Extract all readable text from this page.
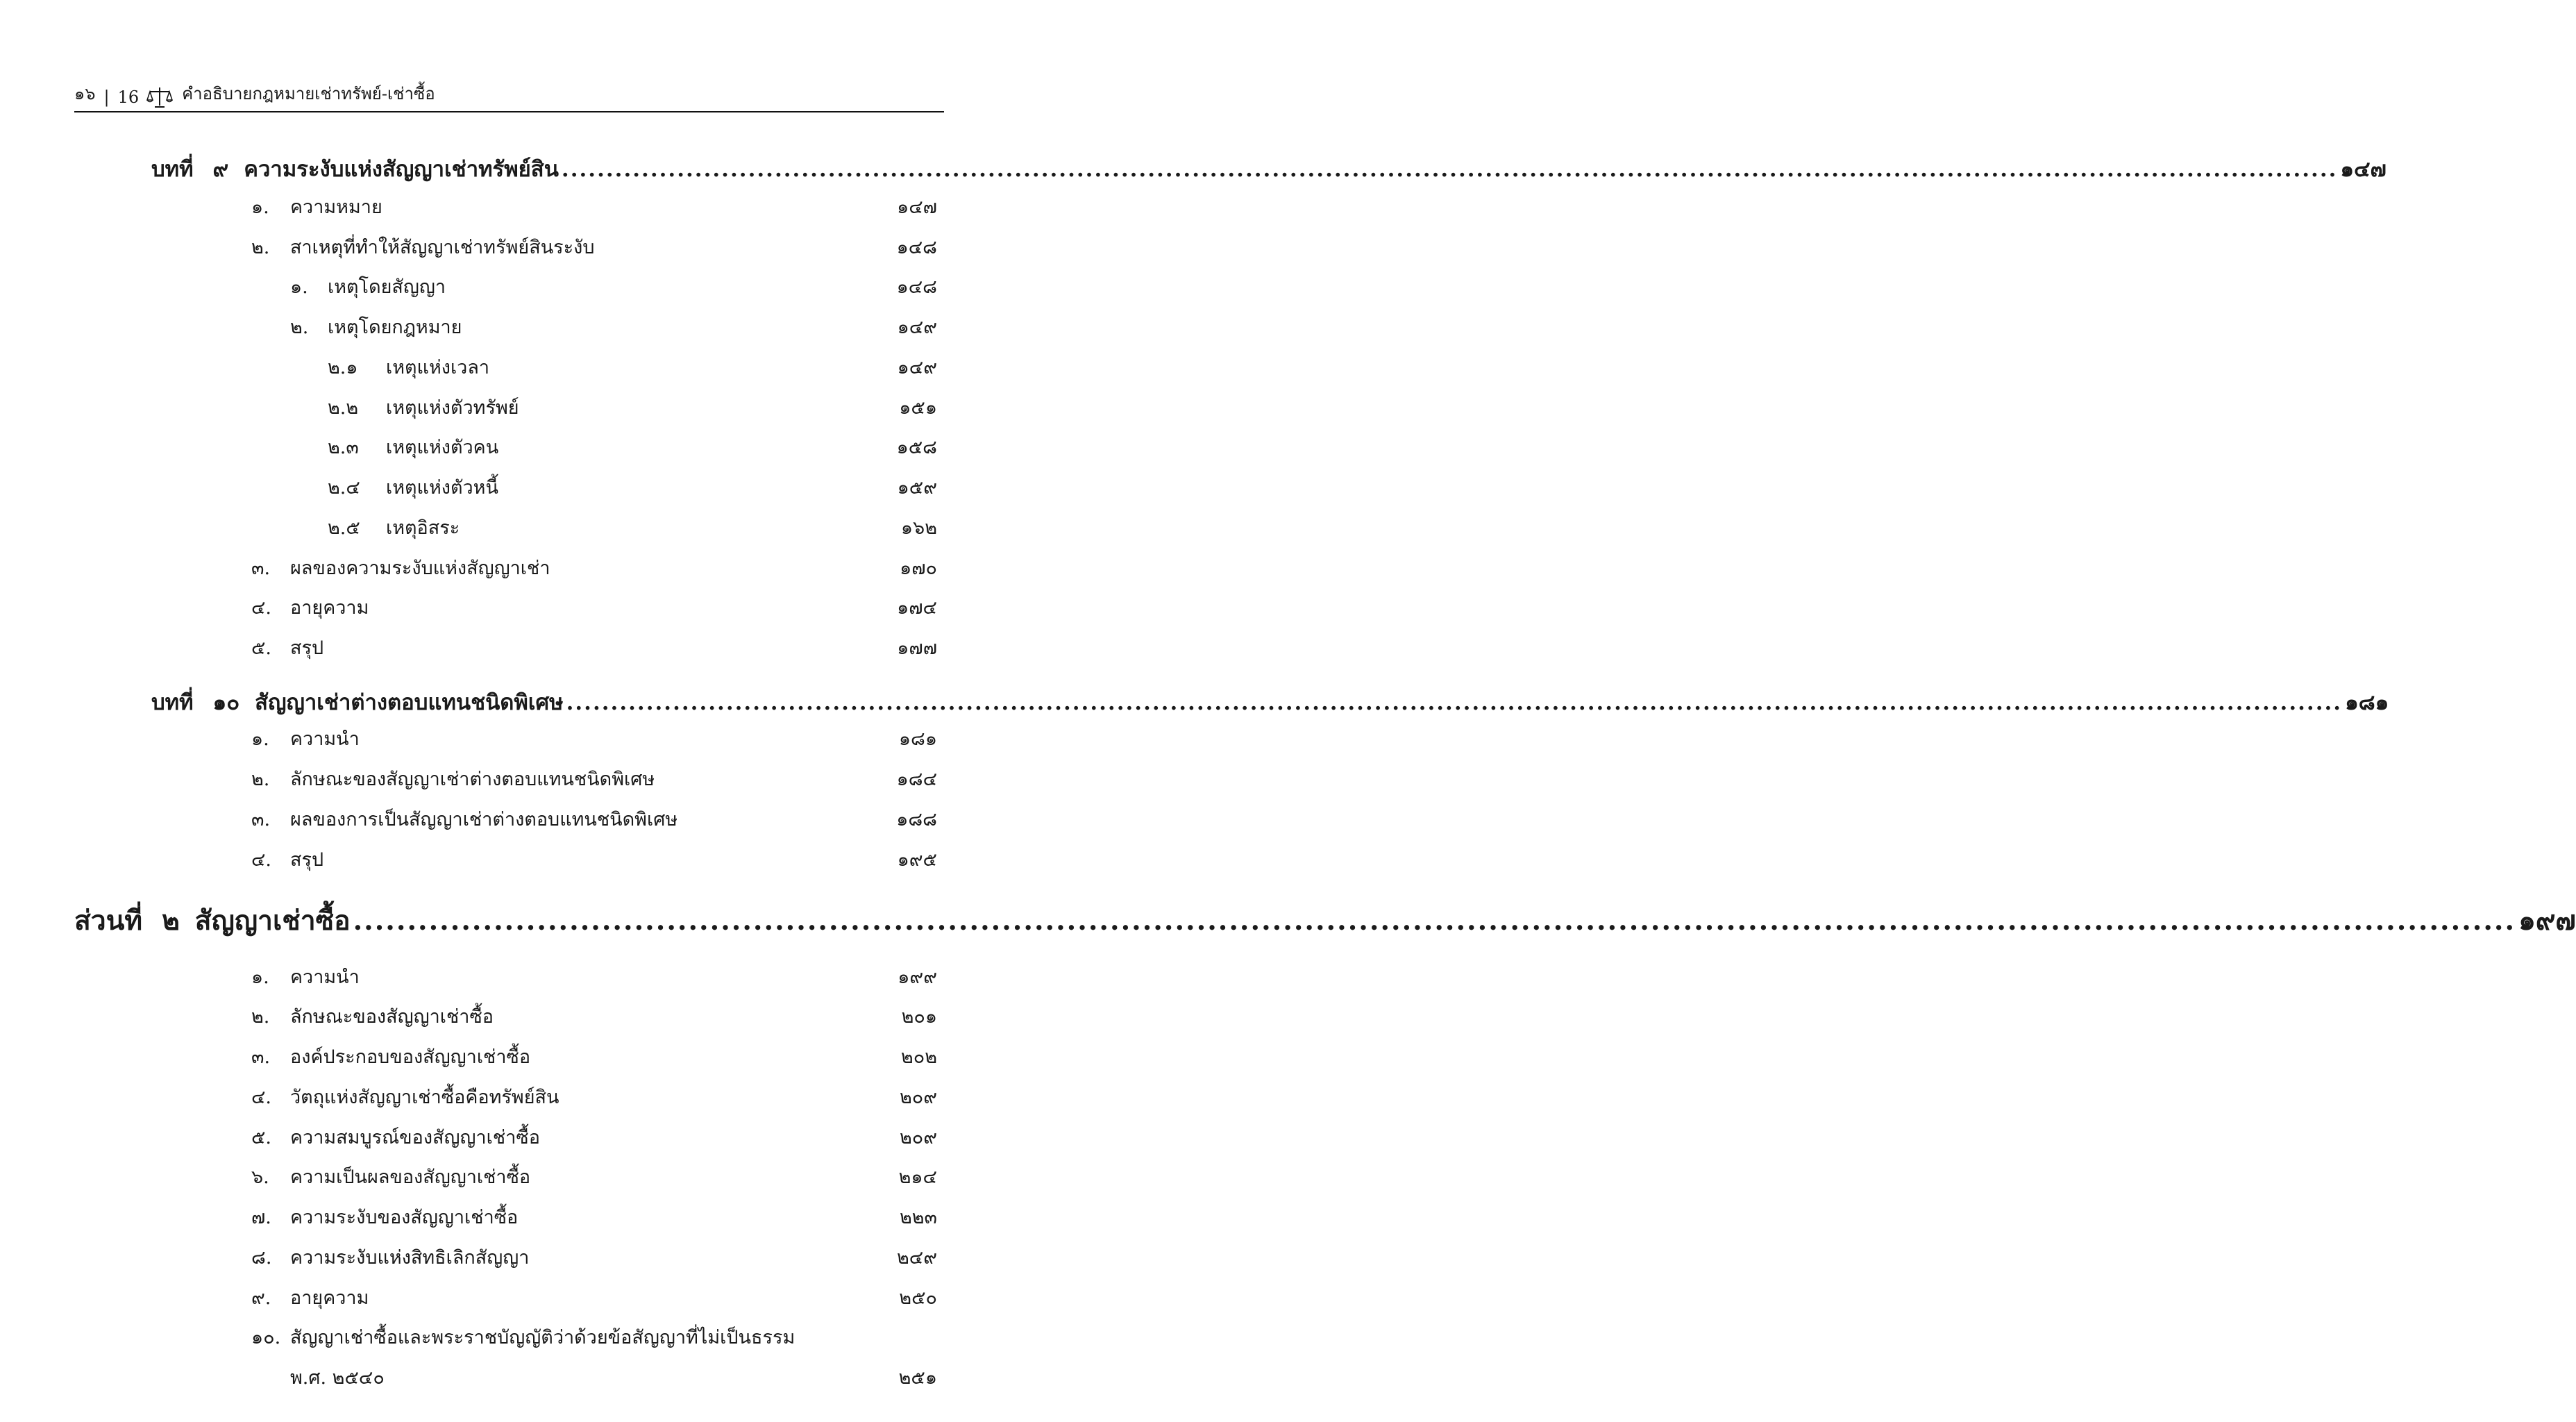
๑๖ | 16	คำอธิบายกฎหมายเช่าทรัพย์-เช่าซื้อ
บทที่ ๙ ความระงับแห่งสัญญาเช่าทรัพย์สิน ........................................................................................................................................................................................................ ๑๔๗
๑. ความหมาย	๑๔๗
๒. สาเหตุที่ทำให้สัญญาเช่าทรัพย์สินระงับ	๑๔๘
๑. เหตุโดยสัญญา	๑๔๘
๒. เหตุโดยกฎหมาย	๑๔๙
๒.๑ เหตุแห่งเวลา	๑๔๙
๒.๒ เหตุแห่งตัวทรัพย์	๑๕๑
๒.๓ เหตุแห่งตัวคน	๑๕๘
๒.๔ เหตุแห่งตัวหนี้	๑๕๙
๒.๕ เหตุอิสระ	๑๖๒
๓. ผลของความระงับแห่งสัญญาเช่า	๑๗๐
๔. อายุความ	๑๗๔
๕. สรุป	๑๗๗
บทที่ ๑๐ สัญญาเช่าต่างตอบแทนชนิดพิเศษ ........................................................................................................................................................................................................ ๑๘๑
๑. ความนำ	๑๘๑
๒. ลักษณะของสัญญาเช่าต่างตอบแทนชนิดพิเศษ	๑๘๔
๓. ผลของการเป็นสัญญาเช่าต่างตอบแทนชนิดพิเศษ	๑๘๘
๔. สรุป	๑๙๕
ส่วนที่ ๒ สัญญาเช่าซื้อ ........................................................................................................................................................................................................ ๑๙๗
๑. ความนำ	๑๙๙
๒. ลักษณะของสัญญาเช่าซื้อ	๒๐๑
๓. องค์ประกอบของสัญญาเช่าซื้อ	๒๐๒
๔. วัตถุแห่งสัญญาเช่าซื้อคือทรัพย์สิน	๒๐๙
๕. ความสมบูรณ์ของสัญญาเช่าซื้อ	๒๐๙
๖. ความเป็นผลของสัญญาเช่าซื้อ	๒๑๔
๗. ความระงับของสัญญาเช่าซื้อ	๒๒๓
๘. ความระงับแห่งสิทธิเลิกสัญญา	๒๔๙
๙. อายุความ	๒๕๐
๑๐. สัญญาเช่าซื้อและพระราชบัญญัติว่าด้วยข้อสัญญาที่ไม่เป็นธรรม
พ.ศ. ๒๕๔๐	๒๕๑
